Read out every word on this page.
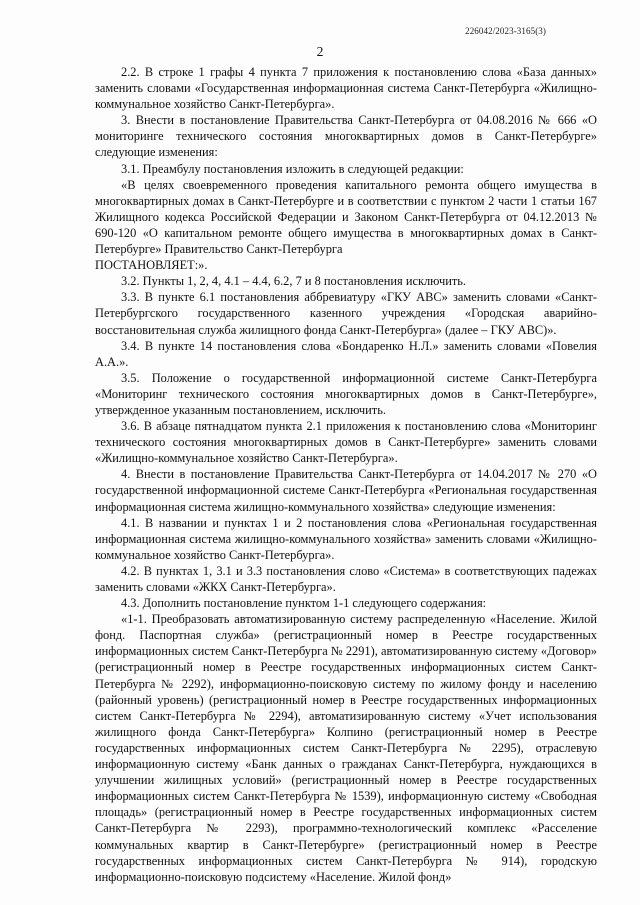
226042/2023-3165(3)
2

2.2. В строке 1 графы 4 пункта 7 приложения к постановлению слова «База данных» заменить словами «Государственная информационная система Санкт-Петербурга «Жилищно-коммунальное хозяйство Санкт-Петербурга».

3. Внести в постановление Правительства Санкт-Петербурга от 04.08.2016 № 666 «О мониторинге технического состояния многоквартирных домов в Санкт-Петербурге» следующие изменения:

3.1. Преамбулу постановления изложить в следующей редакции:

«В целях своевременного проведения капитального ремонта общего имущества в многоквартирных домах в Санкт-Петербурге и в соответствии с пунктом 2 части 1 статьи 167 Жилищного кодекса Российской Федерации и Законом Санкт-Петербурга от 04.12.2013 № 690-120 «О капитальном ремонте общего имущества в многоквартирных домах в Санкт-Петербурге» Правительство Санкт-Петербурга

ПОСТАНОВЛЯЕТ:».

3.2. Пункты 1, 2, 4, 4.1 – 4.4, 6.2, 7 и 8 постановления исключить.

3.3. В пункте 6.1 постановления аббревиатуру «ГКУ АВС» заменить словами «Санкт-Петербургского государственного казенного учреждения «Городская аварийно-восстановительная служба жилищного фонда Санкт-Петербурга» (далее – ГКУ АВС)».

3.4. В пункте 14 постановления слова «Бондаренко Н.Л.» заменить словами «Повелия А.А.».

3.5. Положение о государственной информационной системе Санкт-Петербурга «Мониторинг технического состояния многоквартирных домов в Санкт-Петербурге», утвержденное указанным постановлением, исключить.

3.6. В абзаце пятнадцатом пункта 2.1 приложения к постановлению слова «Мониторинг технического состояния многоквартирных домов в Санкт-Петербурге» заменить словами «Жилищно-коммунальное хозяйство Санкт-Петербурга».

4. Внести в постановление Правительства Санкт-Петербурга от 14.04.2017 № 270 «О государственной информационной системе Санкт-Петербурга «Региональная государственная информационная система жилищно-коммунального хозяйства» следующие изменения:

4.1. В названии и пунктах 1 и 2 постановления слова «Региональная государственная информационная система жилищно-коммунального хозяйства» заменить словами «Жилищно-коммунальное хозяйство Санкт-Петербурга».

4.2. В пунктах 1, 3.1 и 3.3 постановления слово «Система» в соответствующих падежах заменить словами «ЖКХ Санкт-Петербурга».

4.3. Дополнить постановление пунктом 1-1 следующего содержания:

«1-1. Преобразовать автоматизированную систему распределенную «Население. Жилой фонд. Паспортная служба» (регистрационный номер в Реестре государственных информационных систем Санкт-Петербурга № 2291), автоматизированную систему «Договор» (регистрационный номер в Реестре государственных информационных систем Санкт-Петербурга № 2292), информационно-поисковую систему по жилому фонду и населению (районный уровень) (регистрационный номер в Реестре государственных информационных систем Санкт-Петербурга № 2294), автоматизированную систему «Учет использования жилищного фонда Санкт-Петербурга» Колпино (регистрационный номер в Реестре государственных информационных систем Санкт-Петербурга № 2295), отраслевую информационную систему «Банк данных о гражданах Санкт-Петербурга, нуждающихся в улучшении жилищных условий» (регистрационный номер в Реестре государственных информационных систем Санкт-Петербурга № 1539), информационную систему «Свободная площадь» (регистрационный номер в Реестре государственных информационных систем Санкт-Петербурга № 2293), программно-технологический комплекс «Расселение коммунальных квартир в Санкт-Петербурге» (регистрационный номер в Реестре государственных информационных систем Санкт-Петербурга № 914), городскую информационно-поисковую подсистему «Население. Жилой фонд»
